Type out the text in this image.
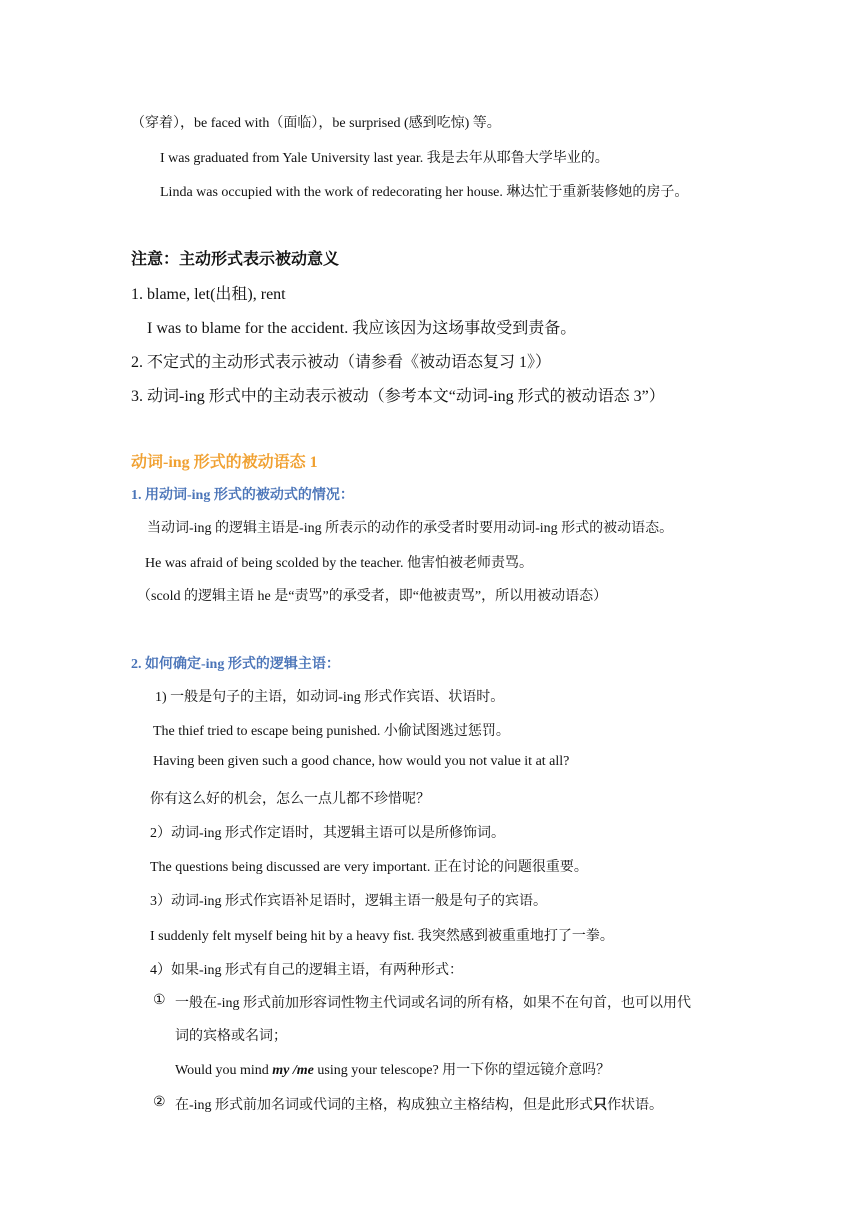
（穿着），be faced with（面临），be surprised (感到吃惊) 等。
I was graduated from Yale University last year. 我是去年从耶鲁大学毕业的。
Linda was occupied with the work of redecorating her house. 琳达忙于重新装修她的房子。
注意：主动形式表示被动意义
1. blame, let(出租), rent
I was to blame for the accident. 我应该因为这场事故受到责备。
2. 不定式的主动形式表示被动（请参看《被动语态复习 1》）
3. 动词-ing 形式中的主动表示被动（参考本文“动词-ing 形式的被动语态 3”）
动词-ing 形式的被动语态 1
1. 用动词-ing 形式的被动式的情况：
当动词-ing 的逻辑主语是-ing 所表示的动作的承受者时要用动词-ing 形式的被动语态。
He was afraid of being scolded by the teacher. 他害怕被老师责骂。
（scold 的逻辑主语 he 是“责骂”的承受者，即“他被责骂”，所以用被动语态）
2. 如何确定-ing 形式的逻辑主语：
1) 一般是句子的主语，如动词-ing 形式作宾语、状语时。
The thief tried to escape being punished. 小偷试图逃过惩罚。
Having been given such a good chance, how would you not value it at all?
你有这么好的机会，怎么一点儿都不珍惜呢？
2）动词-ing 形式作定语时，其逻辑主语可以是所修饰词。
The questions being discussed are very important. 正在讨论的问题很重要。
3）动词-ing 形式作宾语补足语时，逻辑主语一般是句子的宾语。
I suddenly felt myself being hit by a heavy fist. 我突然感到被重重地打了一拳。
4）如果-ing 形式有自己的逻辑主语，有两种形式：
① 一般在-ing 形式前加形容词性物主代词或名词的所有格，如果不在句首，也可以用代
词的宾格或名词；
Would you mind my /me using your telescope? 用一下你的望远镜介意吗？
② 在-ing 形式前加名词或代词的主格，构成独立主格结构，但是此形式只作状语。
